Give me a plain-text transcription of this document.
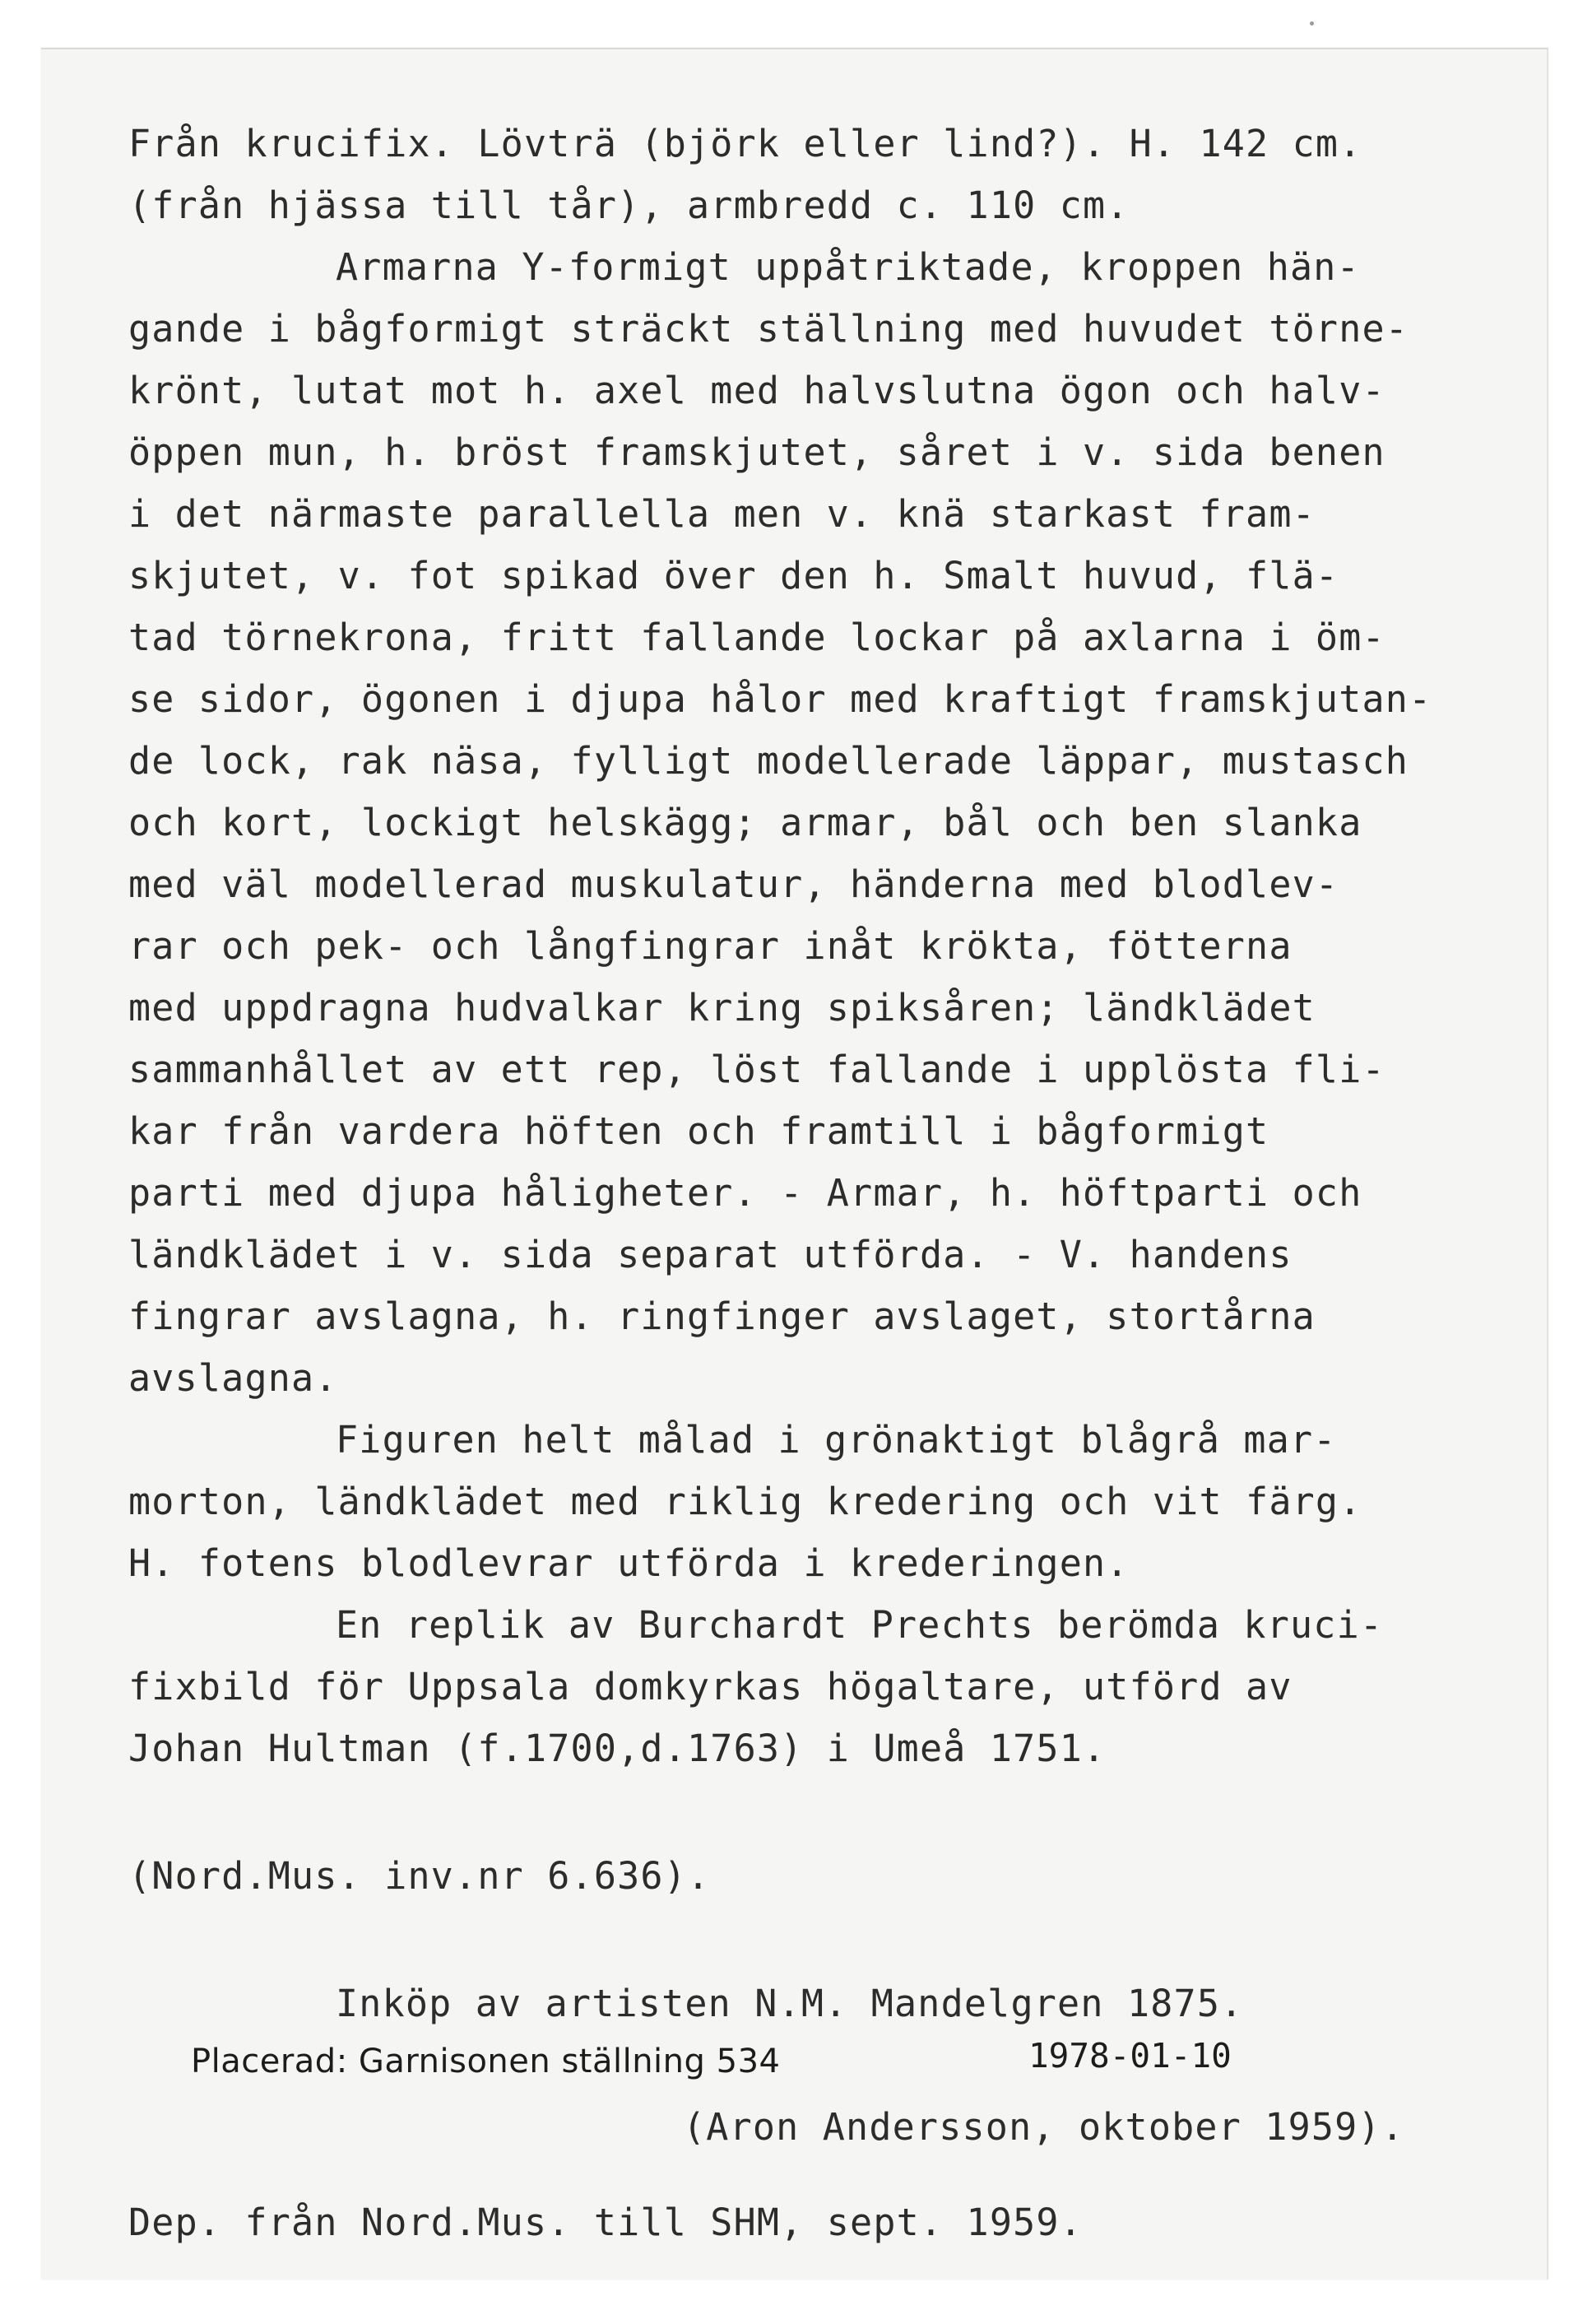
Från krucifix. Lövträ (björk eller lind?). H. 142 cm.
(från hjässa till tår), armbredd c. 110 cm.
Armarna Y-formigt uppåtriktade, kroppen hän-
gande i bågformigt sträckt ställning med huvudet törne-
krönt, lutat mot h. axel med halvslutna ögon och halv-
öppen mun, h. bröst framskjutet, såret i v. sida benen
i det närmaste parallella men v. knä starkast fram-
skjutet, v. fot spikad över den h. Smalt huvud, flä-
tad törnekrona, fritt fallande lockar på axlarna i öm-
se sidor, ögonen i djupa hålor med kraftigt framskjutan-
de lock, rak näsa, fylligt modellerade läppar, mustasch
och kort, lockigt helskägg; armar, bål och ben slanka
med väl modellerad muskulatur, händerna med blodlev-
rar och pek- och långfingrar inåt krökta, fötterna
med uppdragna hudvalkar kring spiksåren; ländklädet
sammanhållet av ett rep, löst fallande i upplösta fli-
kar från vardera höften och framtill i bågformigt
parti med djupa håligheter. - Armar, h. höftparti och
ländklädet i v. sida separat utförda. - V. handens
fingrar avslagna, h. ringfinger avslaget, stortårna
avslagna.
Figuren helt målad i grönaktigt blågrå mar-
morton, ländklädet med riklig kredering och vit färg.
H. fotens blodlevrar utförda i krederingen.
En replik av Burchardt Prechts berömda kruci-
fixbild för Uppsala domkyrkas högaltare, utförd av
Johan Hultman (f.1700,d.1763) i Umeå 1751.
(Nord.Mus. inv.nr 6.636).
Inköp av artisten N.M. Mandelgren 1875.
Placerad: Garnisonen ställning 534	1978-01-10
(Aron Andersson, oktober 1959).
Dep. från Nord.Mus. till SHM, sept. 1959.
